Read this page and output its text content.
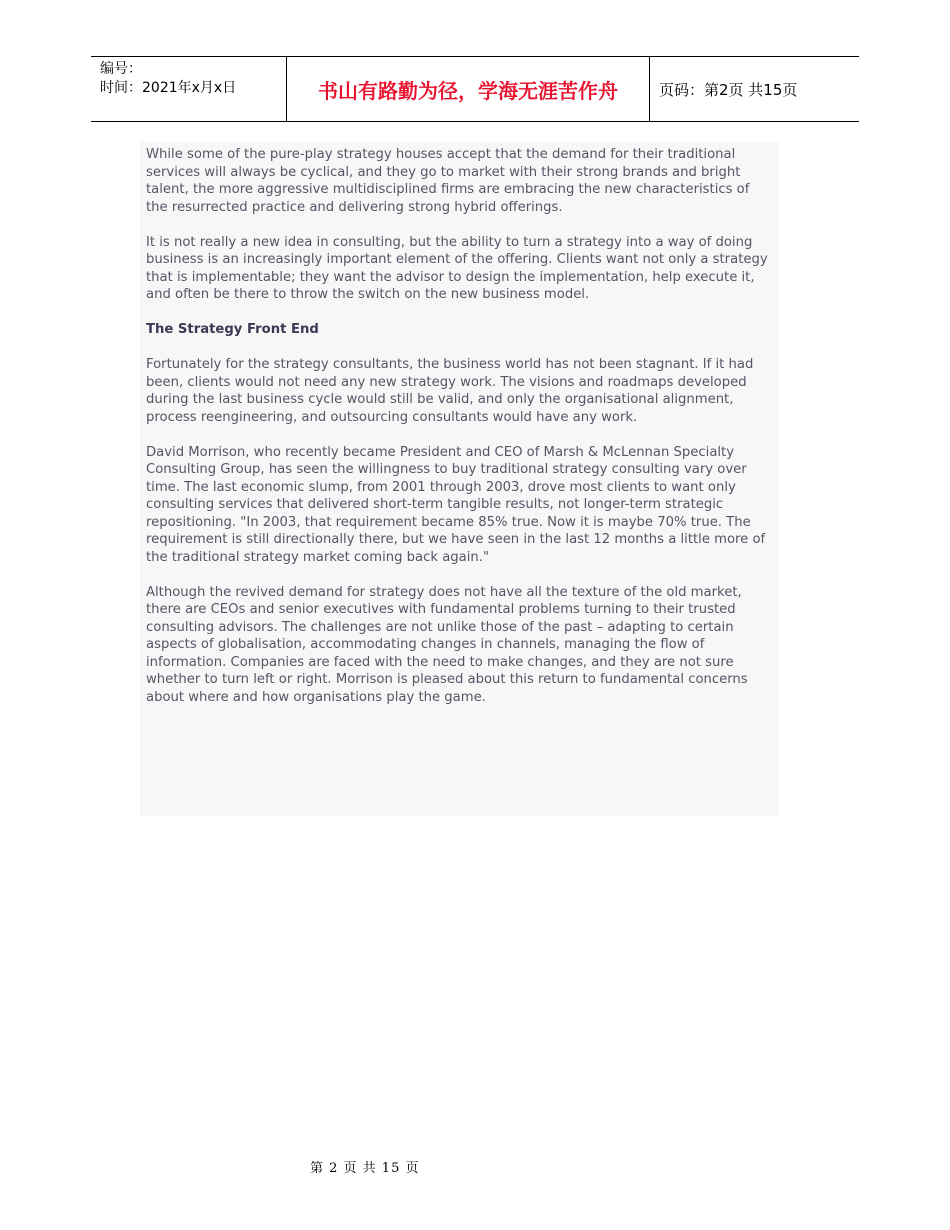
编号：
时间：2021年x月x日	书山有路勤为径，学海无涯苦作舟	页码：第2页 共15页

While some of the pure-play strategy houses accept that the demand for their traditional services will always be cyclical, and they go to market with their strong brands and bright talent, the more aggressive multidisciplined firms are embracing the new characteristics of the resurrected practice and delivering strong hybrid offerings.

It is not really a new idea in consulting, but the ability to turn a strategy into a way of doing business is an increasingly important element of the offering. Clients want not only a strategy that is implementable; they want the advisor to design the implementation, help execute it, and often be there to throw the switch on the new business model.

The Strategy Front End

Fortunately for the strategy consultants, the business world has not been stagnant. If it had been, clients would not need any new strategy work. The visions and roadmaps developed during the last business cycle would still be valid, and only the organisational alignment, process reengineering, and outsourcing consultants would have any work.

David Morrison, who recently became President and CEO of Marsh & McLennan Specialty Consulting Group, has seen the willingness to buy traditional strategy consulting vary over time. The last economic slump, from 2001 through 2003, drove most clients to want only consulting services that delivered short-term tangible results, not longer-term strategic repositioning. "In 2003, that requirement became 85% true. Now it is maybe 70% true. The requirement is still directionally there, but we have seen in the last 12 months a little more of the traditional strategy market coming back again."

Although the revived demand for strategy does not have all the texture of the old market, there are CEOs and senior executives with fundamental problems turning to their trusted consulting advisors. The challenges are not unlike those of the past – adapting to certain aspects of globalisation, accommodating changes in channels, managing the flow of information. Companies are faced with the need to make changes, and they are not sure whether to turn left or right. Morrison is pleased about this return to fundamental concerns about where and how organisations play the game.

第 2 页 共 15 页
